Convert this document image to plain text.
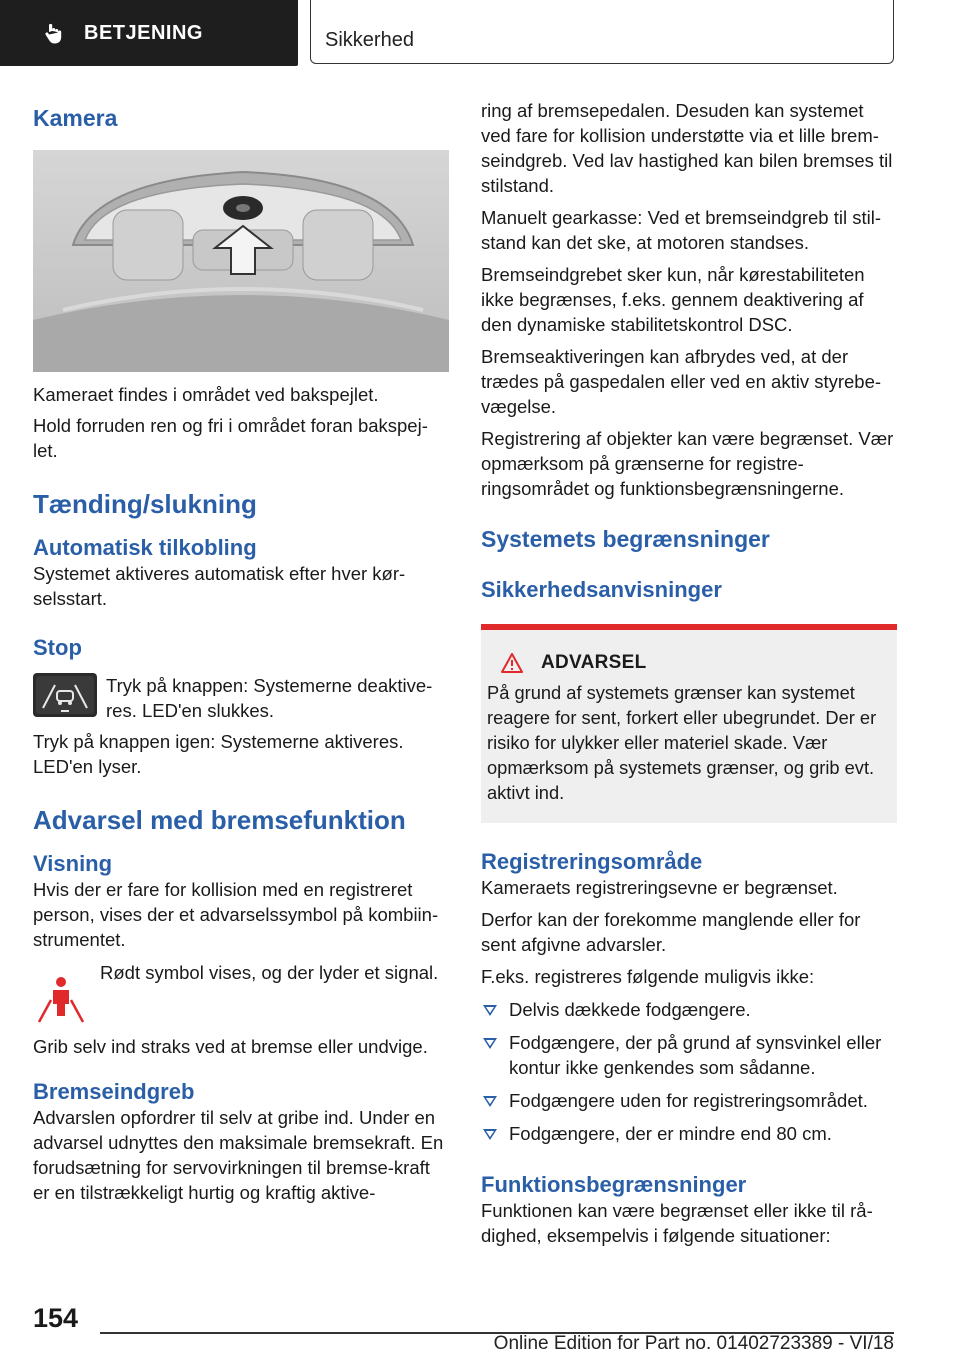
BETJENING	Sikkerhed
Kamera

Kameraet findes i området ved bakspejlet.

Hold forruden ren og fri i området foran bakspej‐let.

Tænding/slukning
Automatisk tilkobling

Systemet aktiveres automatisk efter hver kør‐selsstart.

Stop

Tryk på knappen: Systemerne deaktive‐res. LED'en slukkes.

Tryk på knappen igen: Systemerne aktiveres. LED'en lyser.

Advarsel med bremsefunktion
Visning

Hvis der er fare for kollision med en registreret person, vises der et advarselssymbol på kombiin‐strumentet.

Rødt symbol vises, og der lyder et signal.

Grib selv ind straks ved at bremse eller undvige.

Bremseindgreb

Advarslen opfordrer til selv at gribe ind. Under en advarsel udnyttes den maksimale bremsekraft. En forudsætning for servovirkningen til bremse‐kraft er en tilstrækkeligt hurtig og kraftig aktive‐

ring af bremsepedalen. Desuden kan systemet ved fare for kollision understøtte via et lille brem‐seindgreb. Ved lav hastighed kan bilen bremses til stilstand.

Manuelt gearkasse: Ved et bremseindgreb til stil‐stand kan det ske, at motoren standses.

Bremseindgrebet sker kun, når kørestabiliteten ikke begrænses, f.eks. gennem deaktivering af den dynamiske stabilitetskontrol DSC.

Bremseaktiveringen kan afbrydes ved, at der trædes på gaspedalen eller ved en aktiv styrebe‐vægelse.

Registrering af objekter kan være begrænset. Vær opmærksom på grænserne for registre‐ringsområdet og funktionsbegrænsningerne.

Systemets begrænsninger
Sikkerhedsanvisninger
ADVARSEL

På grund af systemets grænser kan systemet reagere for sent, forkert eller ubegrundet. Der er risiko for ulykker eller materiel skade. Vær opmærksom på systemets grænser, og grib evt. aktivt ind.

Registreringsområde

Kameraets registreringsevne er begrænset.

Derfor kan der forekomme manglende eller for sent afgivne advarsler.

F.eks. registreres følgende muligvis ikke:

Delvis dækkede fodgængere.
Fodgængere, der på grund af synsvinkel eller kontur ikke genkendes som sådanne.
Fodgængere uden for registreringsområdet.
Fodgængere, der er mindre end 80 cm.
Funktionsbegrænsninger

Funktionen kan være begrænset eller ikke til rå‐dighed, eksempelvis i følgende situationer:

154
Online Edition for Part no. 01402723389 - VI/18
